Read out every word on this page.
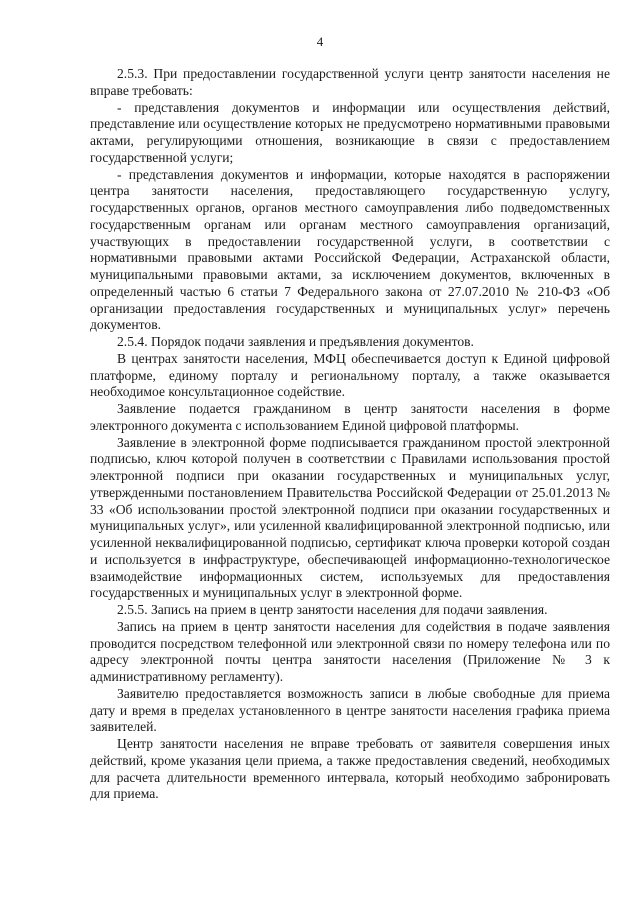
4

2.5.3. При предоставлении государственной услуги центр занятости населения не вправе требовать:

- представления документов и информации или осуществления действий, представление или осуществление которых не предусмотрено нормативными правовыми актами, регулирующими отношения, возникающие в связи с предоставлением государственной услуги;

- представления документов и информации, которые находятся в распоряжении центра занятости населения, предоставляющего государственную услугу, государственных органов, органов местного самоуправления либо подведомственных государственным органам или органам местного самоуправления организаций, участвующих в предоставлении государственной услуги, в соответствии с нормативными правовыми актами Российской Федерации, Астраханской области, муниципальными правовыми актами, за исключением документов, включенных в определенный частью 6 статьи 7 Федерального закона от 27.07.2010 № 210-ФЗ «Об организации предоставления государственных и муниципальных услуг» перечень документов.

2.5.4. Порядок подачи заявления и предъявления документов.

В центрах занятости населения, МФЦ обеспечивается доступ к Единой цифровой платформе, единому порталу и региональному порталу, а также оказывается необходимое консультационное содействие.

Заявление подается гражданином в центр занятости населения в форме электронного документа с использованием Единой цифровой платформы.

Заявление в электронной форме подписывается гражданином простой электронной подписью, ключ которой получен в соответствии с Правилами использования простой электронной подписи при оказании государственных и муниципальных услуг, утвержденными постановлением Правительства Российской Федерации от 25.01.2013 № 33 «Об использовании простой электронной подписи при оказании государственных и муниципальных услуг», или усиленной квалифицированной электронной подписью, или усиленной неквалифицированной подписью, сертификат ключа проверки которой создан и используется в инфраструктуре, обеспечивающей информационно-технологическое взаимодействие информационных систем, используемых для предоставления государственных и муниципальных услуг в электронной форме.

2.5.5. Запись на прием в центр занятости населения для подачи заявления.

Запись на прием в центр занятости населения для содействия в подаче заявления проводится посредством телефонной или электронной связи по номеру телефона или по адресу электронной почты центра занятости населения (Приложение № 3 к административному регламенту).

Заявителю предоставляется возможность записи в любые свободные для приема дату и время в пределах установленного в центре занятости населения графика приема заявителей.

Центр занятости населения не вправе требовать от заявителя совершения иных действий, кроме указания цели приема, а также предоставления сведений, необходимых для расчета длительности временного интервала, который необходимо забронировать для приема.
